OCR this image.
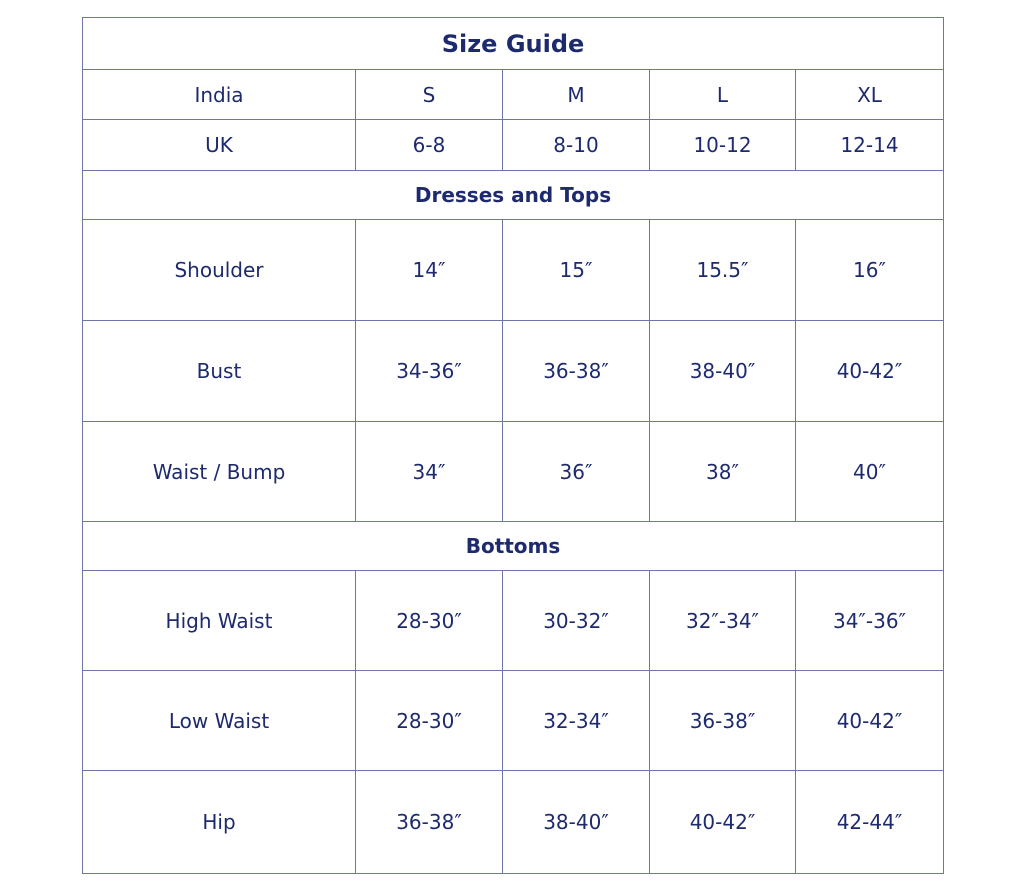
Size Guide				
India	S	M	L	XL
UK	6-8	8-10	10-12	12-14
Dresses and Tops				
Shoulder	14″	15″	15.5″	16″
Bust	34-36″	36-38″	38-40″	40-42″
Waist / Bump	34″	36″	38″	40″
Bottoms				
High Waist	28-30″	30-32″	32″-34″	34″-36″
Low Waist	28-30″	32-34″	36-38″	40-42″
Hip	36-38″	38-40″	40-42″	42-44″
